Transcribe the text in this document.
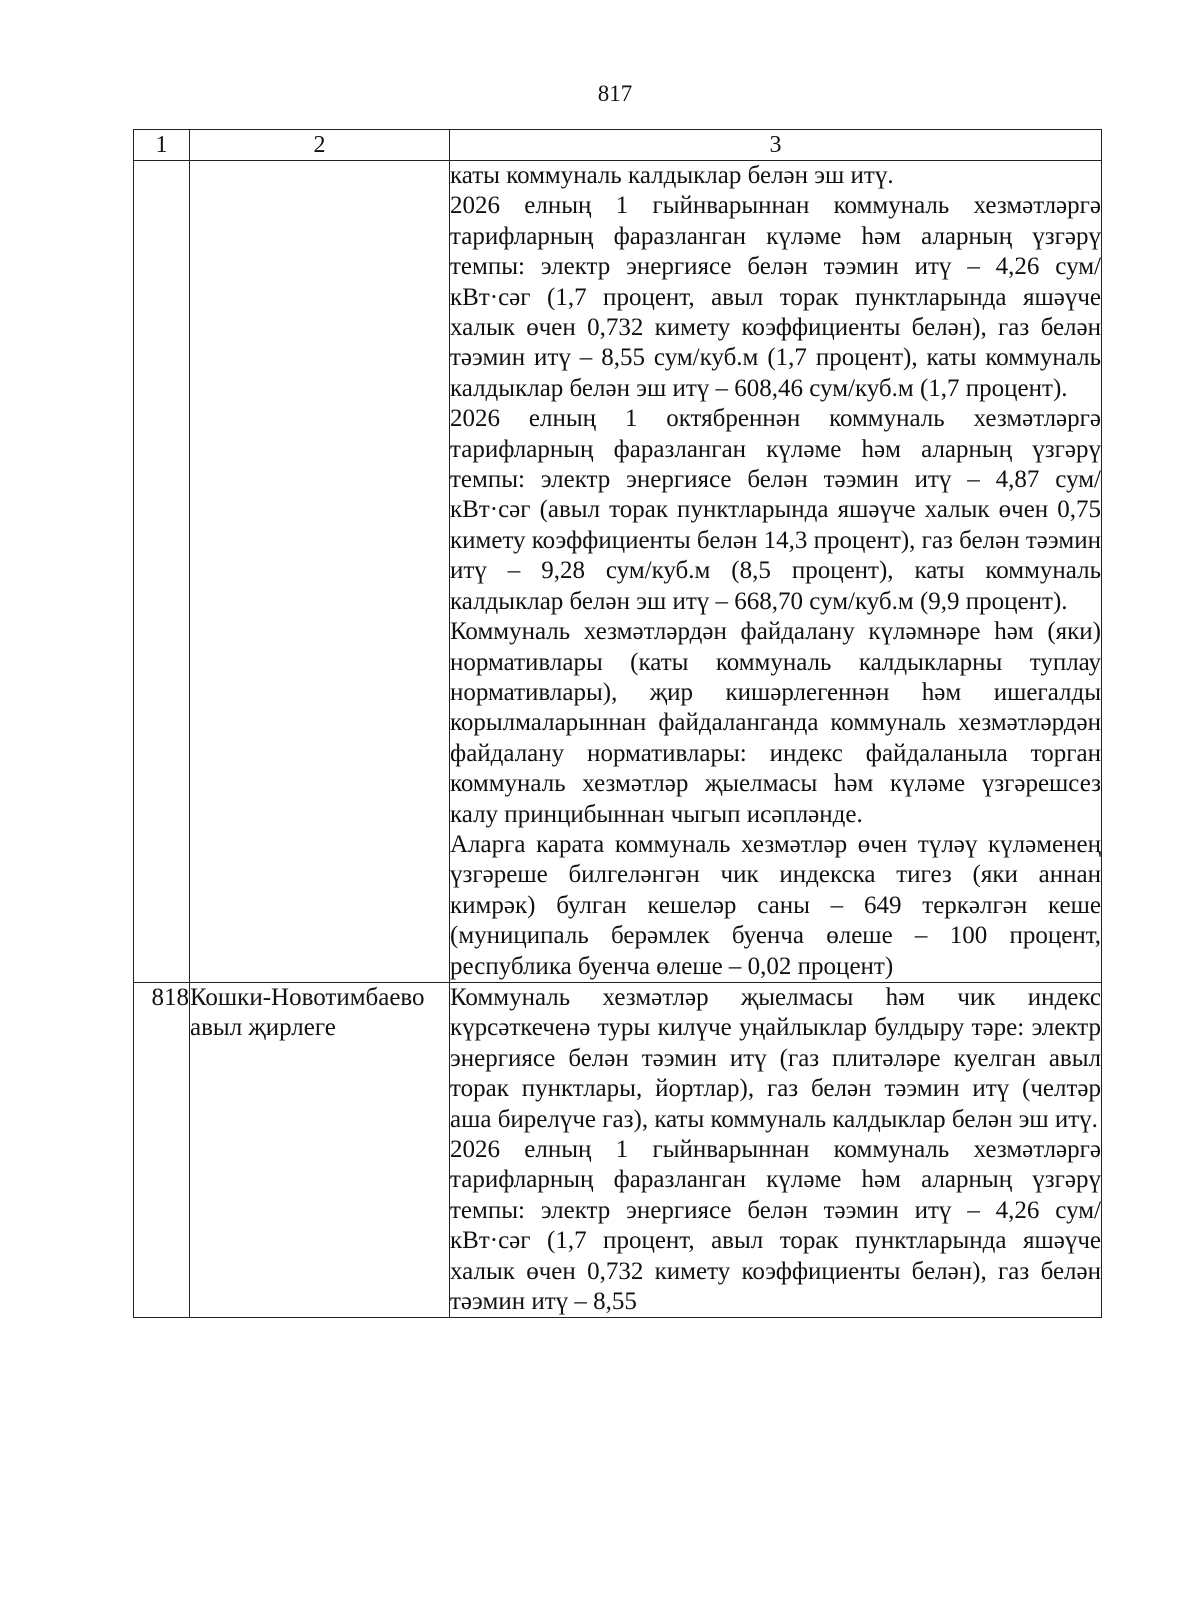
817
1	2	3

		каты коммуналь калдыклар белән эш итү.
2026 елның 1 гыйнварыннан коммуналь хезмәтләргә тарифларның фаразланган күләме һәм аларның үзгәрү темпы: электр энергиясе белән тәэмин итү – 4,26 сум/кВт·сәг (1,7 процент, авыл торак пунктларында яшәүче халык өчен 0,732 кимету коэффициенты белән), газ белән тәэмин итү – 8,55 сум/куб.м (1,7 процент), каты коммуналь калдыклар белән эш итү – 608,46 сум/куб.м (1,7 процент).
2026 елның 1 октябреннән коммуналь хезмәтләргә тарифларның фаразланган күләме һәм аларның үзгәрү темпы: электр энергиясе белән тәэмин итү – 4,87 сум/кВт·сәг (авыл торак пунктларында яшәүче халык өчен 0,75 кимету коэффициенты белән 14,3 процент), газ белән тәэмин итү – 9,28 сум/куб.м (8,5 процент), каты коммуналь калдыклар белән эш итү – 668,70 сум/куб.м (9,9 процент).
Коммуналь хезмәтләрдән файдалану күләмнәре һәм (яки) нормативлары (каты коммуналь калдыкларны туплау нормативлары), җир кишәрлегеннән һәм ишегалды корылмаларыннан файдаланганда коммуналь хезмәтләрдән файдалану нормативлары: индекс файдаланыла торган коммуналь хезмәтләр җыелмасы һәм күләме үзгәрешсез калу принцибыннан чыгып исәпләнде.
Аларга карата коммуналь хезмәтләр өчен түләү күләменең үзгәреше билгеләнгән чик индекска тигез (яки аннан кимрәк) булган кешеләр саны – 649 теркәлгән кеше (муниципаль берәмлек буенча өлеше – 100 процент, республика буенча өлеше – 0,02 процент)

818	Кошки-Новотимбаево авыл җирлеге	Коммуналь хезмәтләр җыелмасы һәм чик индекс күрсәткеченә туры килүче уңайлыклар булдыру тәре: электр энергиясе белән тәэмин итү (газ плитәләре куелган авыл торак пунктлары, йортлар), газ белән тәэмин итү (челтәр аша бирелүче газ), каты коммуналь калдыклар белән эш итү.
2026 елның 1 гыйнварыннан коммуналь хезмәтләргә тарифларның фаразланган күләме һәм аларның үзгәрү темпы: электр энергиясе белән тәэмин итү – 4,26 сум/кВт·сәг (1,7 процент, авыл торак пунктларында яшәүче халык өчен 0,732 кимету коэффициенты белән), газ белән тәэмин итү – 8,55
